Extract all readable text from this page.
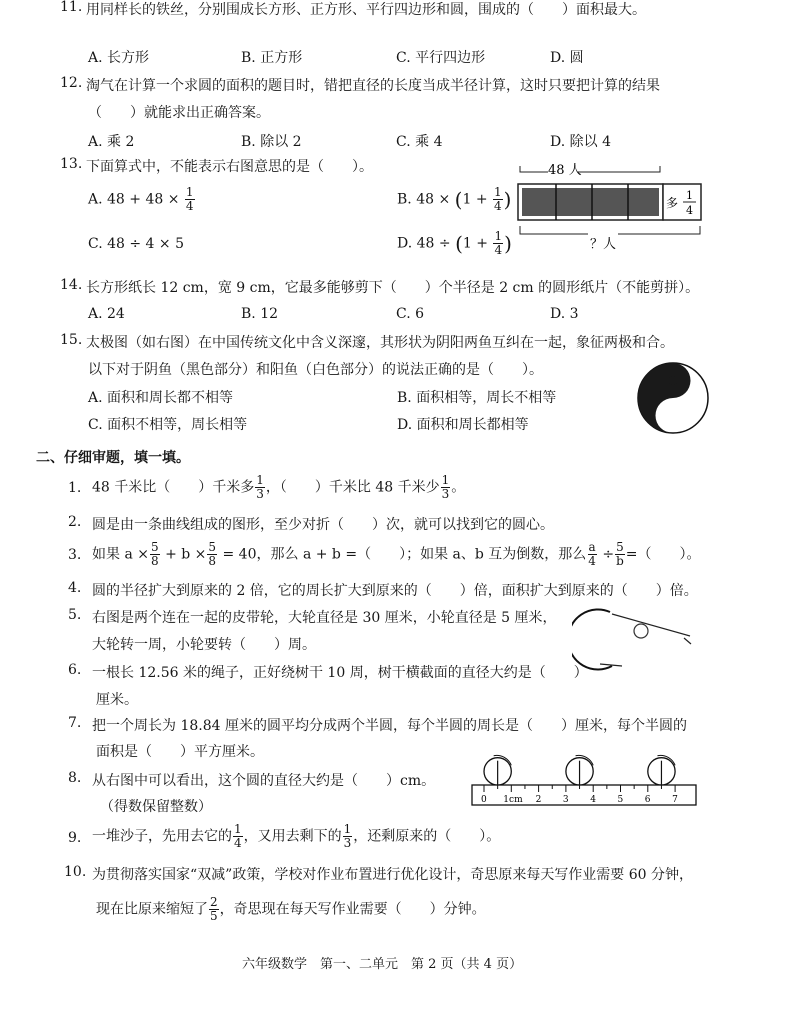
11. 用同样长的铁丝，分别围成长方形、正方形、平行四边形和圆，围成的（　　）面积最大。
A. 长方形	B. 正方形	C. 平行四边形	D. 圆
12. 淘气在计算一个求圆的面积的题目时，错把直径的长度当成半径计算，这时只要把计算的结果
（　　）就能求出正确答案。
A. 乘 2	B. 除以 2	C. 乘 4	D. 除以 4
13. 下面算式中，不能表示右图意思的是（　　）。
A. $48 + 48 \times \frac{1}{4}$	B. $48 \times (1 + \frac{1}{4}$ )
C. 48 ÷ 4 × 5	D. $48 \div (1 + \frac{1}{4}$ )
48 人
多
1
4
？人
14. 长方形纸长 12 cm，宽 9 cm，它最多能够剪下（　　）个半径是 2 cm 的圆形纸片（不能剪拼）。
A. 24	B. 12	C. 6	D. 3
15. 太极图（如右图）在中国传统文化中含义深邃，其形状为阴阳两鱼互纠在一起，象征两极和合。
以下对于阴鱼（黑色部分）和阳鱼（白色部分）的说法正确的是（　　）。
A. 面积和周长都不相等	B. 面积相等，周长不相等
C. 面积不相等，周长相等	D. 面积和周长都相等
二、仔细审题，填一填。
1. 48 千米比（　　）千米多 $\frac{1}{3}$ ，（　　）千米比 48 千米少 $\frac{1}{3}$ 。
2. 圆是由一条曲线组成的图形，至少对折（　　）次，就可以找到它的圆心。
3. 如果 $a \times \frac{5}{8} + b \times \frac{5}{8} = 40$，那么 a + b =（　　）；如果 a、b 互为倒数，那么 $\frac{a}{4} \div \frac{5}{b}$ =（　　）。
4. 圆的半径扩大到原来的 2 倍，它的周长扩大到原来的（　　）倍，面积扩大到原来的（　　）倍。
5. 右图是两个连在一起的皮带轮，大轮直径是 30 厘米，小轮直径是 5 厘米，
大轮转一周，小轮要转（　　）周。
6. 一根长 12.56 米的绳子，正好绕树干 10 周，树干横截面的直径大约是（　　）
厘米。
7. 把一个周长为 18.84 厘米的圆平均分成两个半圆，每个半圆的周长是（　　）厘米，每个半圆的
面积是（　　）平方厘米。
8. 从右图中可以看出，这个圆的直径大约是（　　）cm。
（得数保留整数）	0 1cm 2 3 4 5 6 7
9. 一堆沙子，先用去它的 $\frac{1}{4}$ ，又用去剩下的 $\frac{1}{3}$ ，还剩原来的（　　）。
10. 为贯彻落实国家“双减”政策，学校对作业布置进行优化设计，奇思原来每天写作业需要 60 分钟，
现在比原来缩短了 $\frac{2}{5}$ ，奇思现在每天写作业需要（　　）分钟。
六年级数学　第一、二单元　第 2 页（共 4 页）
